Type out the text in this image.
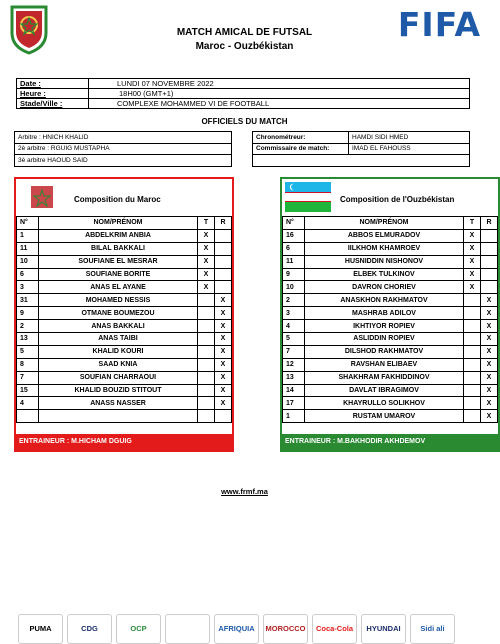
FIFA
MATCH AMICAL DE FUTSAL
Maroc - Ouzbékistan
Date :	LUNDI 07 NOVEMBRE 2022
Heure :	18H00 (GMT+1)
Stade/Ville :	COMPLEXE MOHAMMED VI DE FOOTBALL
OFFICIELS DU MATCH
Arbitre : HNICH KHALID
2è arbitre : RGUIG MUSTAPHA
3è arbitre HAOUD SAID
Chronométreur:	HAMDI SIDI HMED
Commissaire de match:	IMAD EL FAHOUSS

Composition du Maroc
N°	NOM/PRÉNOM	T	R
1	ABDELKRIM ANBIA	X	
11	BILAL BAKKALI	X	
10	SOUFIANE EL MESRAR	X	
6	SOUFIANE BORITE	X	
3	ANAS EL AYANE	X	
31	MOHAMED NESSIS		X
9	OTMANE BOUMEZOU		X
2	ANAS BAKKALI		X
13	ANAS TAIBI		X
5	KHALID KOURI		X
8	SAAD KNIA		X
7	SOUFIAN CHARRAOUI		X
15	KHALID BOUZID STITOUT		X
4	ANASS NASSER		X

ENTRAINEUR : M.HICHAM DGUIG
Composition de l'Ouzbékistan
N°	NOM/PRÉNOM	T	R
16	ABBOS ELMURADOV	X	
6	IILKHOM KHAMROEV	X	
11	HUSNIDDIN NISHONOV	X	
9	ELBEK TULKINOV	X	
10	DAVRON CHORIEV	X	
2	ANASKHON RAKHMATOV		X
3	MASHRAB ADILOV		X
4	IKHTIYOR ROPIEV		X
5	ASLIDDIN ROPIEV		X
7	DILSHOD RAKHMATOV		X
12	RAVSHAN ELIBAEV		X
13	SHAKHRAM FAKHIDDINOV		X
14	DAVLAT IBRAGIMOV		X
17	KHAYRULLO SOLIKHOV		X
1	RUSTAM UMAROV		X
ENTRAINEUR : M.BAKHODIR AKHDEMOV
www.frmf.ma
PUMA	CDG	OCP	AFRIQUIA	MOROCCO	Coca-Cola	HYUNDAI	Sidi ali
